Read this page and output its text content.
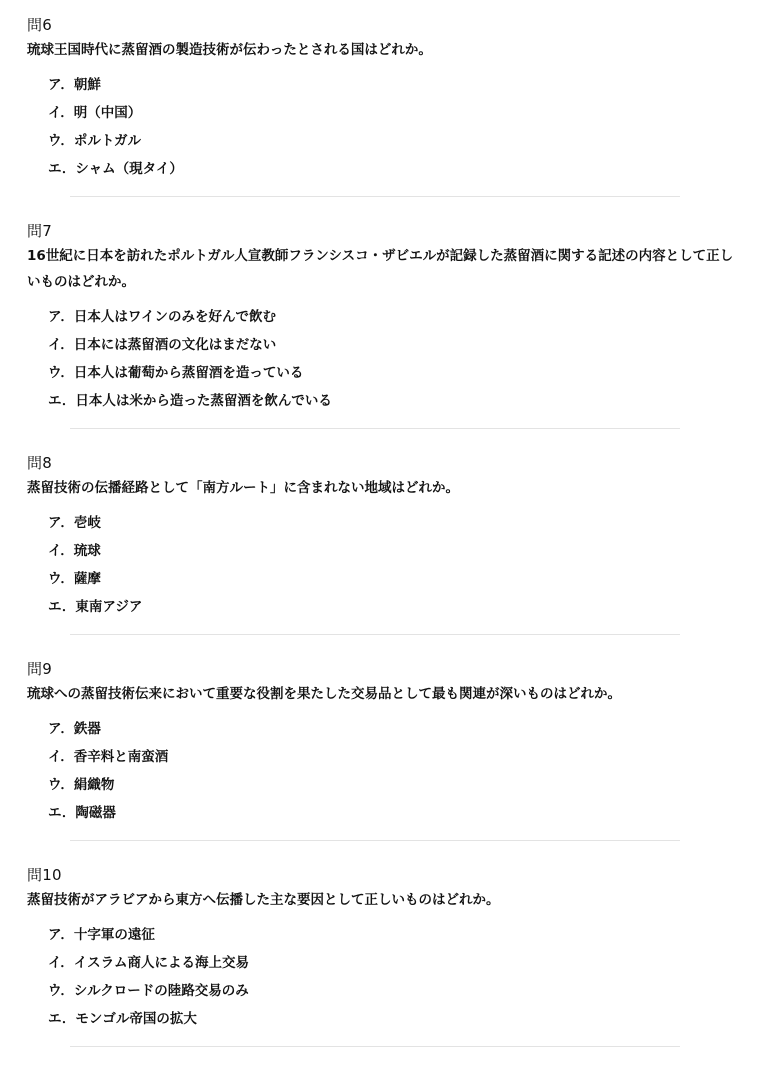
問6
琉球王国時代に蒸留酒の製造技術が伝わったとされる国はどれか。
ア．朝鮮
イ．明（中国）
ウ．ポルトガル
エ．シャム（現タイ）
問7
16世紀に日本を訪れたポルトガル人宣教師フランシスコ・ザビエルが記録した蒸留酒に関する記述の内容として正しいものはどれか。
ア．日本人はワインのみを好んで飲む
イ．日本には蒸留酒の文化はまだない
ウ．日本人は葡萄から蒸留酒を造っている
エ．日本人は米から造った蒸留酒を飲んでいる
問8
蒸留技術の伝播経路として「南方ルート」に含まれない地域はどれか。
ア．壱岐
イ．琉球
ウ．薩摩
エ．東南アジア
問9
琉球への蒸留技術伝来において重要な役割を果たした交易品として最も関連が深いものはどれか。
ア．鉄器
イ．香辛料と南蛮酒
ウ．絹織物
エ．陶磁器
問10
蒸留技術がアラビアから東方へ伝播した主な要因として正しいものはどれか。
ア．十字軍の遠征
イ．イスラム商人による海上交易
ウ．シルクロードの陸路交易のみ
エ．モンゴル帝国の拡大
